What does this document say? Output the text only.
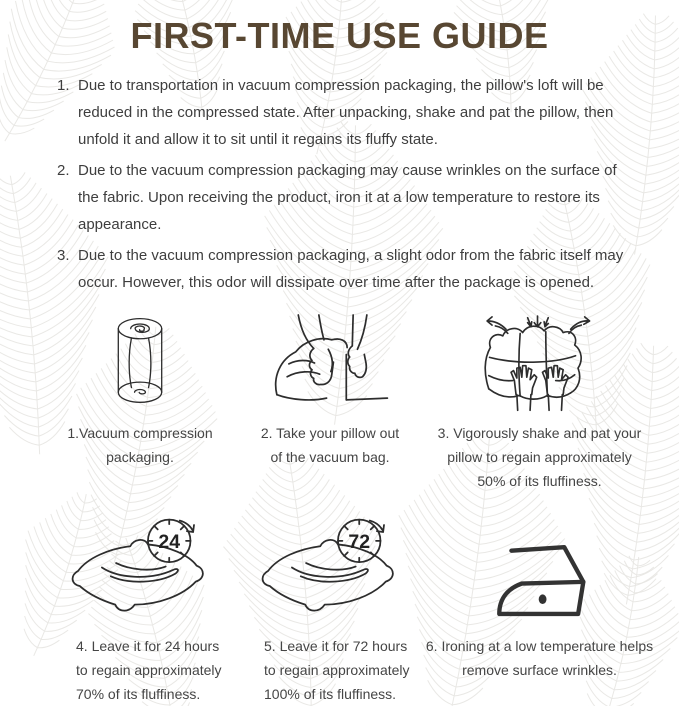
FIRST-TIME USE GUIDE
1. Due to transportation in vacuum compression packaging, the pillow's loft will be
reduced in the compressed state. After unpacking, shake and pat the pillow, then
unfold it and allow it to sit until it regains its fluffy state.
2. Due to the vacuum compression packaging may cause wrinkles on the surface of
the fabric. Upon receiving the product, iron it at a low temperature to restore its
appearance.
3. Due to the vacuum compression packaging, a slight odor from the fabric itself may
occur. However, this odor will dissipate over time after the package is opened.
1.Vacuum compression
packaging.
2. Take your pillow out
of the vacuum bag.
3. Vigorously shake and pat your
pillow to regain approximately
50% of its fluffiness.
24
4. Leave it for 24 hours
to regain approximately
70% of its fluffiness.
72
5. Leave it for 72 hours
to regain approximately
100% of its fluffiness.
6. Ironing at a low temperature helps
remove surface wrinkles.
